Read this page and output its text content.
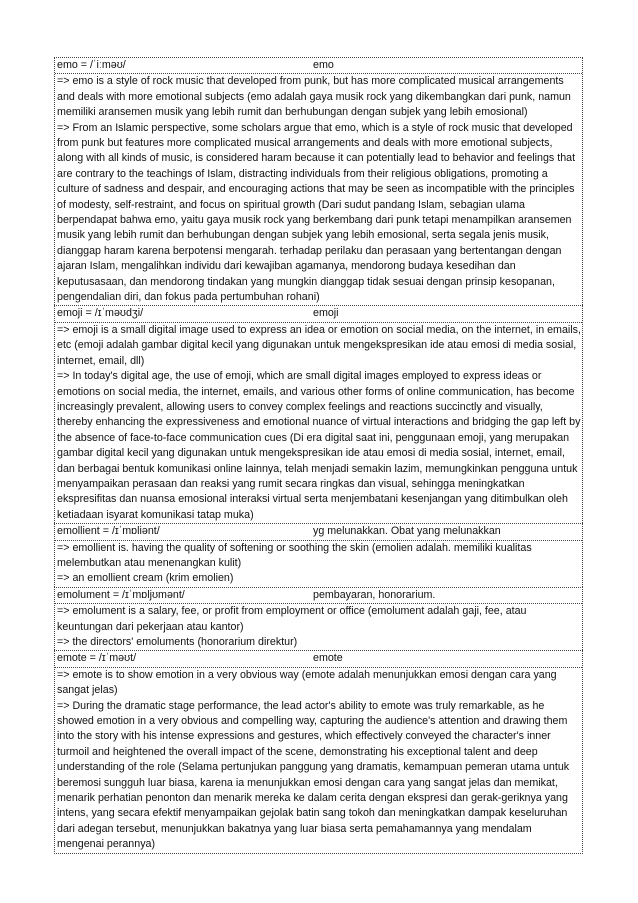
emo = /ˈiːməʊ/	emo

=> emo is a style of rock music that developed from punk, but has more complicated musical arrangements and deals with more emotional subjects (emo adalah gaya musik rock yang dikembangkan dari punk, namun memiliki aransemen musik yang lebih rumit dan berhubungan dengan subjek yang lebih emosional)

=> From an Islamic perspective, some scholars argue that emo, which is a style of rock music that developed from punk but features more complicated musical arrangements and deals with more emotional subjects, along with all kinds of music, is considered haram because it can potentially lead to behavior and feelings that are contrary to the teachings of Islam, distracting individuals from their religious obligations, promoting a culture of sadness and despair, and encouraging actions that may be seen as incompatible with the principles of modesty, self-restraint, and focus on spiritual growth (Dari sudut pandang Islam, sebagian ulama berpendapat bahwa emo, yaitu gaya musik rock yang berkembang dari punk tetapi menampilkan aransemen musik yang lebih rumit dan berhubungan dengan subjek yang lebih emosional, serta segala jenis musik, dianggap haram karena berpotensi mengarah. terhadap perilaku dan perasaan yang bertentangan dengan ajaran Islam, mengalihkan individu dari kewajiban agamanya, mendorong budaya kesedihan dan keputusasaan, dan mendorong tindakan yang mungkin dianggap tidak sesuai dengan prinsip kesopanan, pengendalian diri, dan fokus pada pertumbuhan rohani)

emoji = /ɪˈməʊdʒi/	emoji

=> emoji is a small digital image used to express an idea or emotion on social media, on the internet, in emails, etc (emoji adalah gambar digital kecil yang digunakan untuk mengekspresikan ide atau emosi di media sosial, internet, email, dll)

=> In today's digital age, the use of emoji, which are small digital images employed to express ideas or emotions on social media, the internet, emails, and various other forms of online communication, has become increasingly prevalent, allowing users to convey complex feelings and reactions succinctly and visually, thereby enhancing the expressiveness and emotional nuance of virtual interactions and bridging the gap left by the absence of face-to-face communication cues (Di era digital saat ini, penggunaan emoji, yang merupakan gambar digital kecil yang digunakan untuk mengekspresikan ide atau emosi di media sosial, internet, email, dan berbagai bentuk komunikasi online lainnya, telah menjadi semakin lazim, memungkinkan pengguna untuk menyampaikan perasaan dan reaksi yang rumit secara ringkas dan visual, sehingga meningkatkan ekspresifitas dan nuansa emosional interaksi virtual serta menjembatani kesenjangan yang ditimbulkan oleh ketiadaan isyarat komunikasi tatap muka)

emollient = /ɪˈmɒliənt/	yg melunakkan. Obat yang melunakkan

=> emollient is. having the quality of softening or soothing the skin (emolien adalah. memiliki kualitas melembutkan atau menenangkan kulit)

=> an emollient cream (krim emolien)

emolument = /ɪˈmɒljʊmənt/	pembayaran, honorarium.

=> emolument is a salary, fee, or profit from employment or office (emolument adalah gaji, fee, atau keuntungan dari pekerjaan atau kantor)

=> the directors' emoluments (honorarium direktur)

emote = /ɪˈməʊt/	emote

=> emote is to show emotion in a very obvious way (emote adalah menunjukkan emosi dengan cara yang sangat jelas)

=> During the dramatic stage performance, the lead actor's ability to emote was truly remarkable, as he showed emotion in a very obvious and compelling way, capturing the audience's attention and drawing them into the story with his intense expressions and gestures, which effectively conveyed the character's inner turmoil and heightened the overall impact of the scene, demonstrating his exceptional talent and deep understanding of the role (Selama pertunjukan panggung yang dramatis, kemampuan pemeran utama untuk beremosi sungguh luar biasa, karena ia menunjukkan emosi dengan cara yang sangat jelas dan memikat, menarik perhatian penonton dan menarik mereka ke dalam cerita dengan ekspresi dan gerak-geriknya yang intens, yang secara efektif menyampaikan gejolak batin sang tokoh dan meningkatkan dampak keseluruhan dari adegan tersebut, menunjukkan bakatnya yang luar biasa serta pemahamannya yang mendalam mengenai perannya)
